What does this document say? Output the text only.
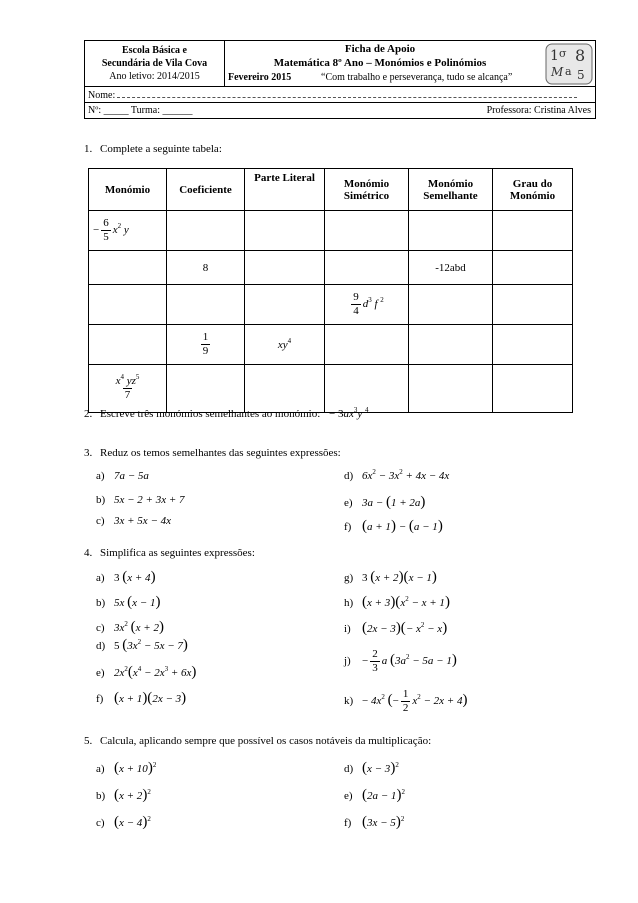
Escola Básica e
Secundária de Vila Cova
Ano letivo: 2014/2015
Ficha de Apoio
Matemática 8º Ano – Monómios e Polinómios
Fevereiro 2015	“Com trabalho e perseverança, tudo se alcança”
1 σ 8
M a 5
Nome:
Nº: _____ Turma: ______	Professora: Cristina Alves
1. Complete a seguinte tabela:
Monómio	Coeficiente	Parte Literal	Monómio Simétrico	Monómio Semelhante	Grau do Monómio
− $\frac{6}{5} x^2$ y					
	8			-12abd	

			$\frac{9}{4} d^3$ f $^2$		

	$\frac{1}{9}$	$xy^4$			

$\frac{x^4 yz^5}{7}$

2. Escreve três monómios semelhantes ao monómio: − $3ax^3y$ $^4$
3. Reduz os temos semelhantes das seguintes expressões:
a) 7a − 5a
b) 5x − 2 + 3x + 7
c) 3x + 5x − 4x
d) $6x^2 - 3x^2 + 4x - 4x$
e) 3a − (1 + 2a)
f) (a + 1) − (a − 1)
4. Simplifica as seguintes expressões:
a) 3 (x + 4)
b) 5x (x − 1)
c) $3x^2$ (x + 2)
d) 5 $(3x^2 - 5x - 7)$
e) $2x^2(x^4 - 2x^3 + 6x)$
f) (x + 1)(2x − 3)
g) 3 (x + 2)(x − 1)
h) $(x + 3)(x^2 - x + 1)$
i) $(2x - 3)(- x^2 - x)$
$j) - \frac{2}{3}$ a $(3a^2 - 5a - 1)$
$k) - 4x^2$ (− $\frac{1}{2} x^2 - 2x + 4$)
5. Calcula, aplicando sempre que possível os casos notáveis da multiplicação:
a) $(x + 10)^2$
b) $(x + 2)^2$
c) $(x - 4)^2$
d) $(x - 3)^2$
e) $(2a - 1)^2$
f) $(3x - 5)^2$
